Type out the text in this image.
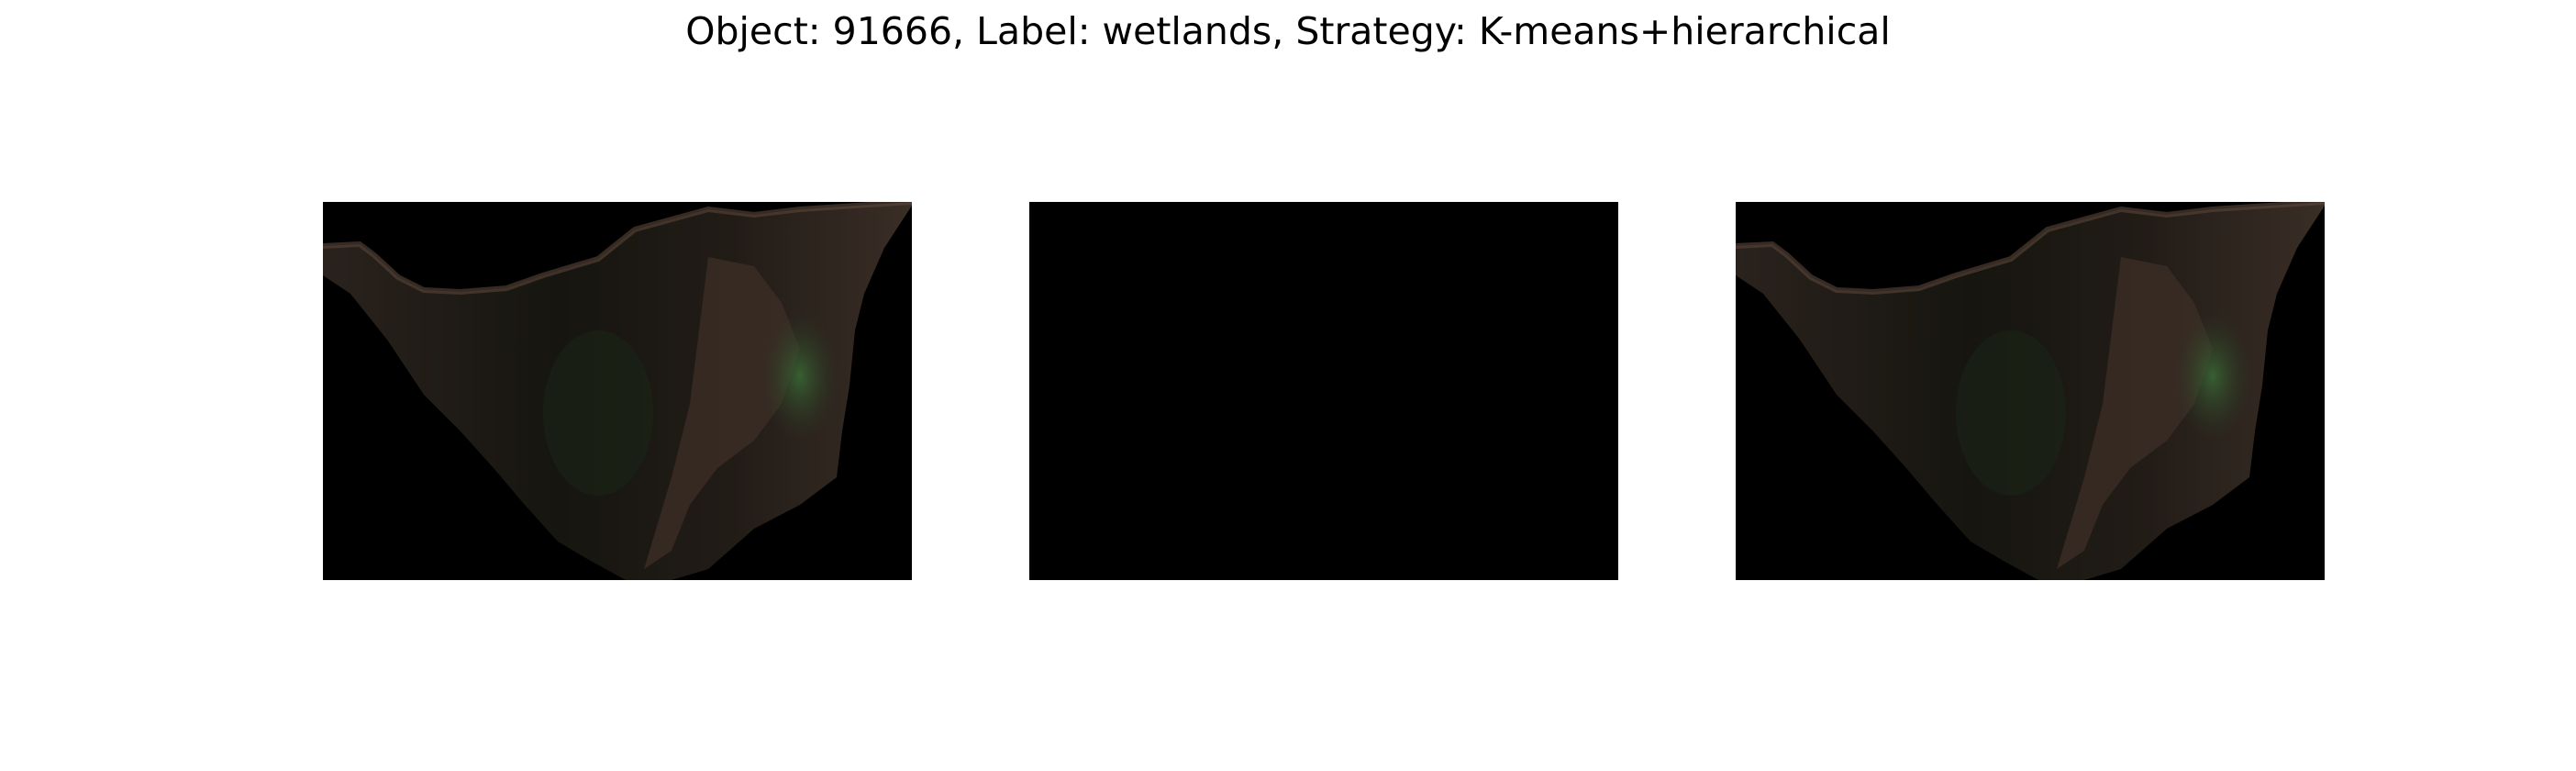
Object: 91666, Label: wetlands, Strategy: K-means+hierarchical
